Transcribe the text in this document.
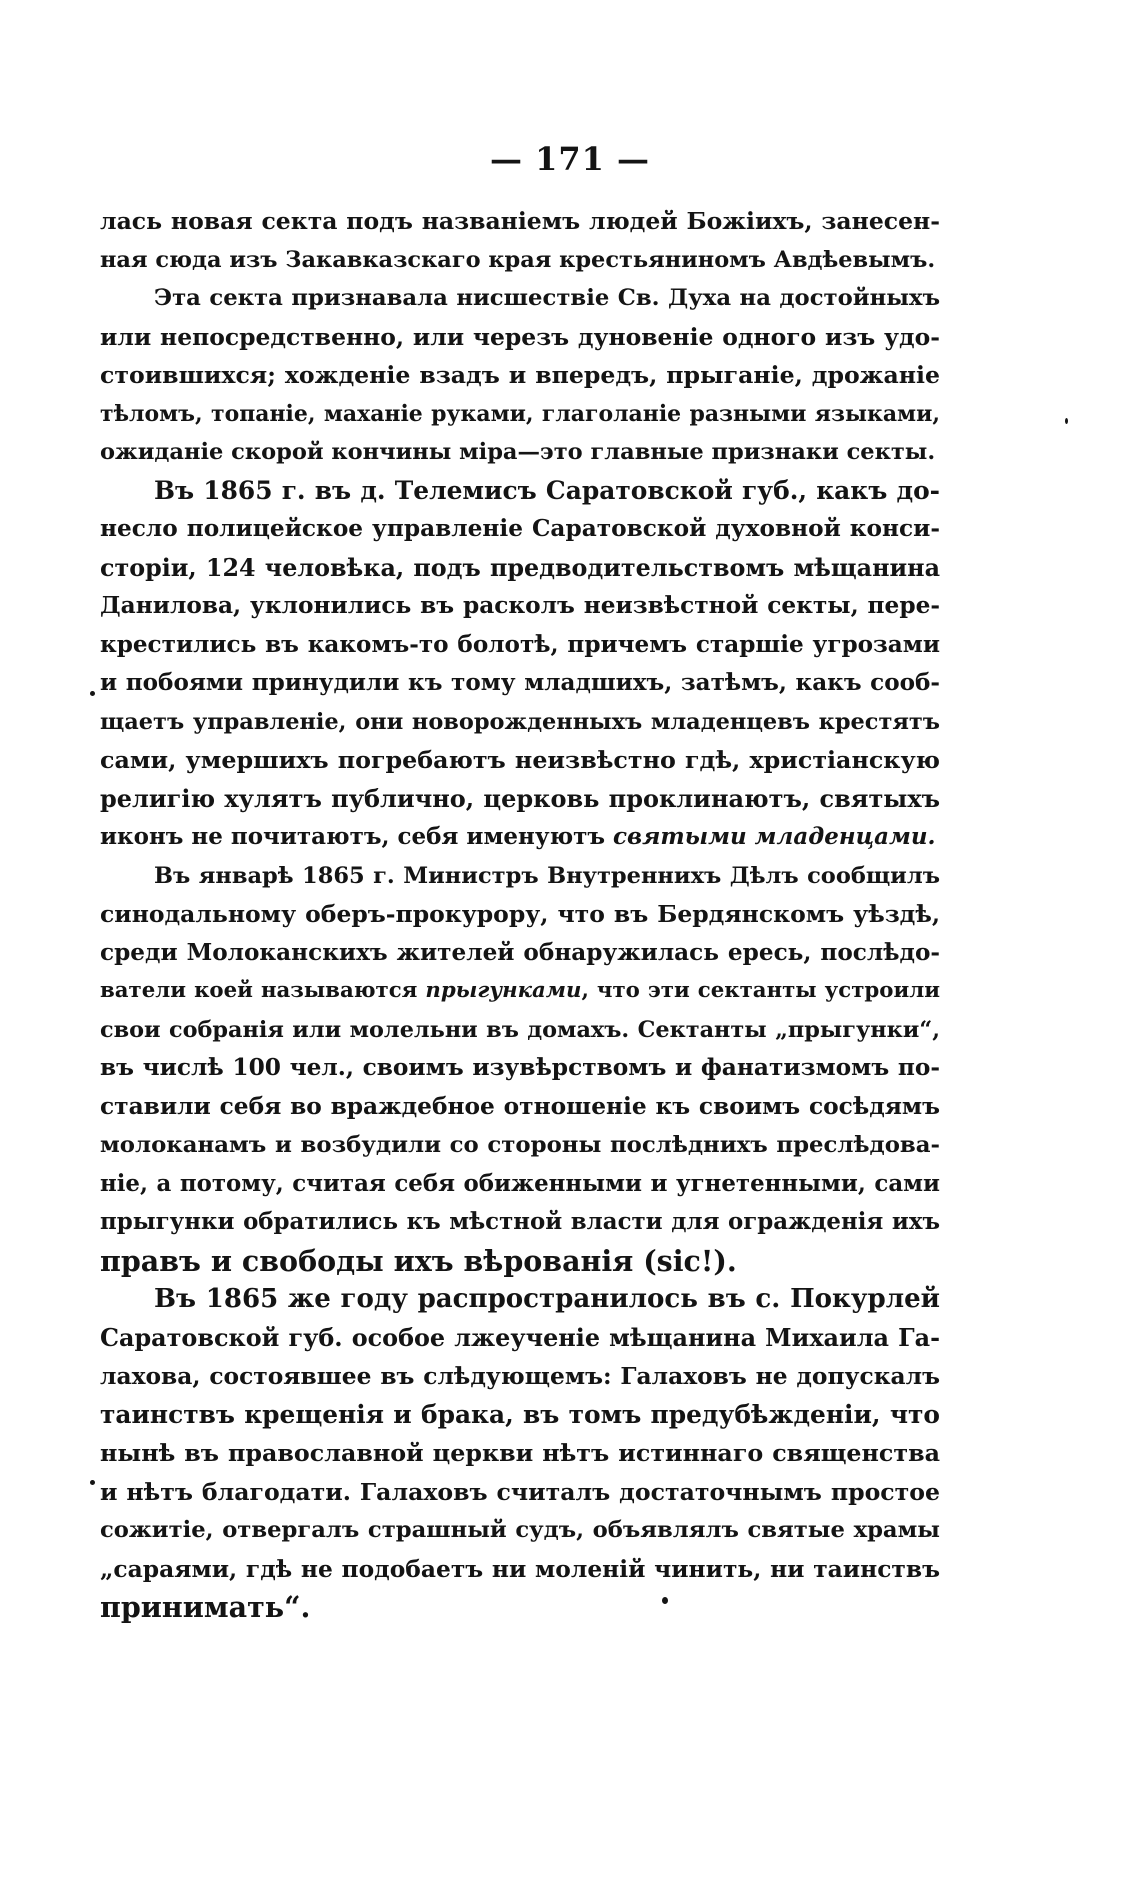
— 171 —
лась новая секта подъ названіемъ людей Божіихъ, занесен-
ная сюда изъ Закавказскаго края крестьяниномъ Авдѣевымъ.
Эта секта признавала нисшествіе Св. Духа на достойныхъ
или непосредственно, или черезъ дуновеніе одного изъ удо-
стоившихся; хожденіе взадъ и впередъ, прыганіе, дрожаніе
тѣломъ, топаніе, маханіе руками, глаголаніе разными языками,
ожиданіе скорой кончины міра—это главные признаки секты.
Въ 1865 г. въ д. Телемисъ Саратовской губ., какъ до-
несло полицейское управленіе Саратовской духовной конси-
сторіи, 124 человѣка, подъ предводительствомъ мѣщанина
Данилова, уклонились въ расколъ неизвѣстной секты, пере-
крестились въ какомъ-то болотѣ, причемъ старшіе угрозами
и побоями принудили къ тому младшихъ, затѣмъ, какъ сооб-
щаетъ управленіе, они новорожденныхъ младенцевъ крестятъ
сами, умершихъ погребаютъ неизвѣстно гдѣ, христіанскую
религію хулятъ публично, церковь проклинаютъ, святыхъ
иконъ не почитаютъ, себя именуютъ святыми младенцами.
Въ январѣ 1865 г. Министръ Внутреннихъ Дѣлъ сообщилъ
синодальному оберъ-прокурору, что въ Бердянскомъ уѣздѣ,
среди Молоканскихъ жителей обнаружилась ересь, послѣдо-
ватели коей называются прыгунками, что эти сектанты устроили
свои собранія или молельни въ домахъ. Сектанты „прыгунки“,
въ числѣ 100 чел., своимъ изувѣрствомъ и фанатизмомъ по-
ставили себя во враждебное отношеніе къ своимъ сосѣдямъ
молоканамъ и возбудили со стороны послѣднихъ преслѣдова-
ніе, а потому, считая себя обиженными и угнетенными, сами
прыгунки обратились къ мѣстной власти для огражденія ихъ
правъ и свободы ихъ вѣрованія (sic!).
Въ 1865 же году распространилось въ с. Покурлей
Саратовской губ. особое лжеученіе мѣщанина Михаила Га-
лахова, состоявшее въ слѣдующемъ: Галаховъ не допускалъ
таинствъ крещенія и брака, въ томъ предубѣжденіи, что
нынѣ въ православной церкви нѣтъ истиннаго священства
и нѣтъ благодати. Галаховъ считалъ достаточнымъ простое
сожитіе, отвергалъ страшный судъ, объявлялъ святые храмы
„сараями, гдѣ не подобаетъ ни моленій чинить, ни таинствъ
принимать“.
